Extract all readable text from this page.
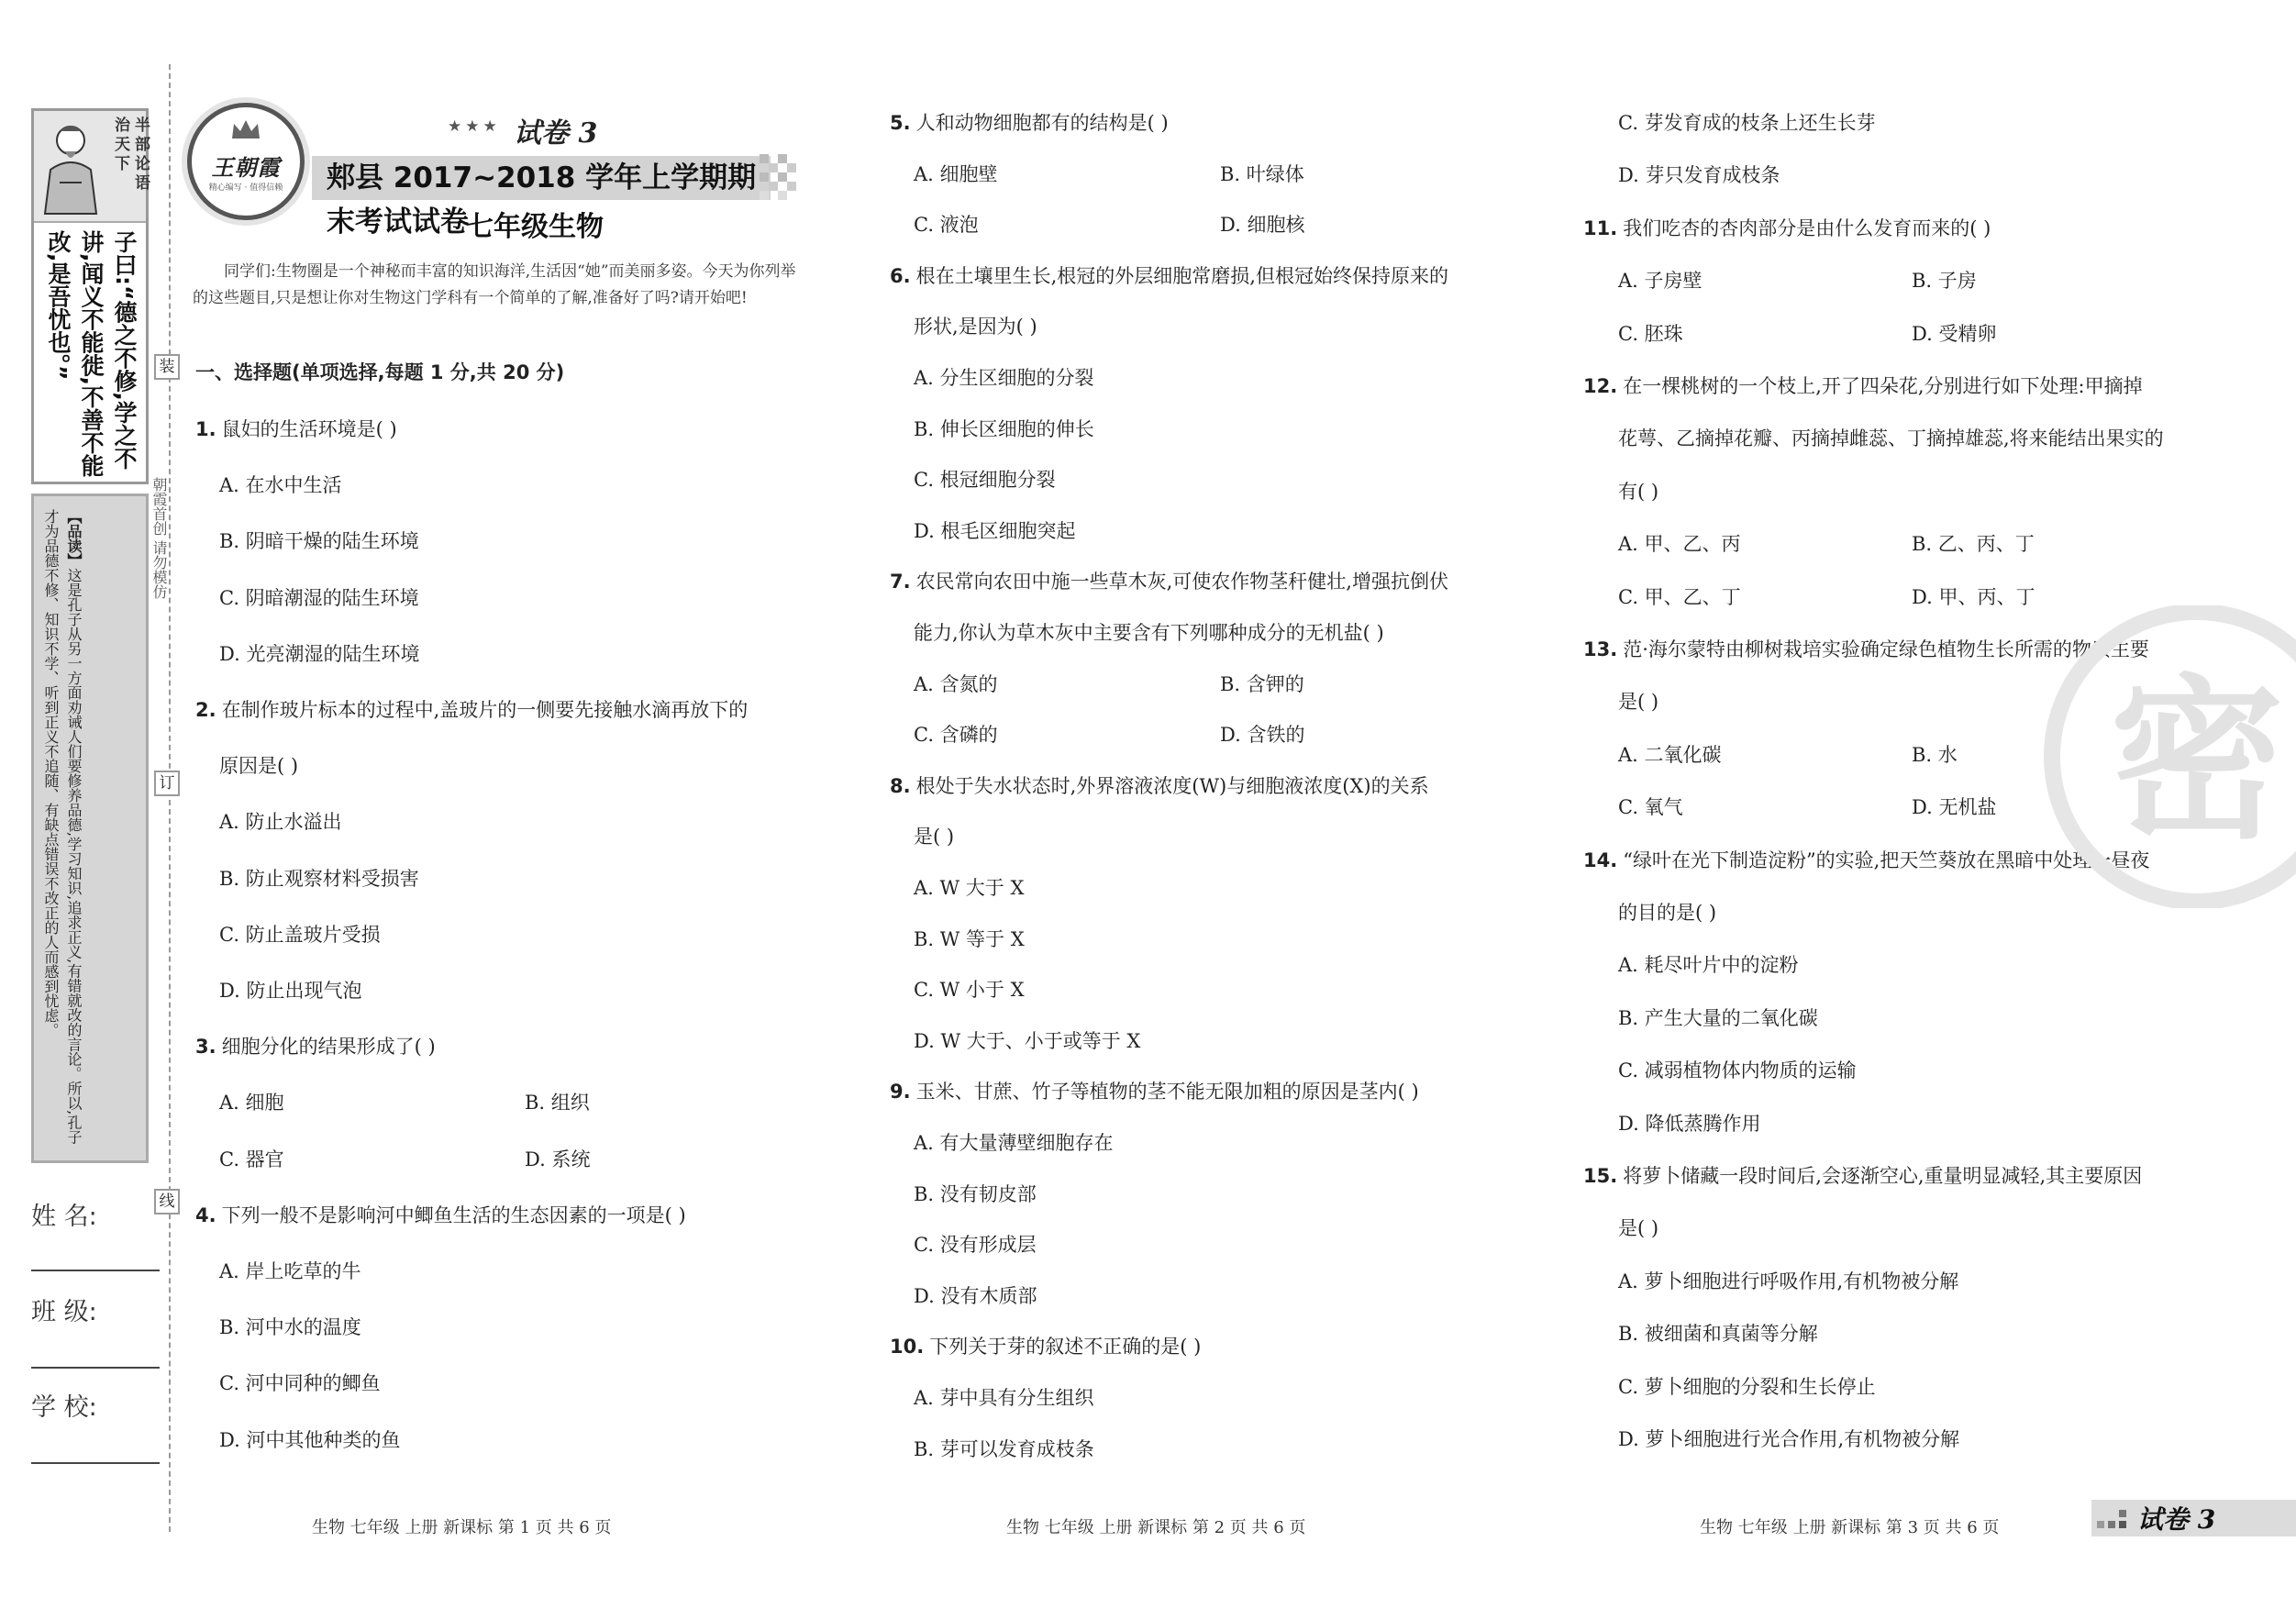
半部论语
治天下
子曰:“德之不修,学之不讲,闻义不能徙,不善不能改,是吾忧也。”
【品读】这是孔子从另一方面劝诫人们要修养品德,学习知识,追求正义,有错就改的言论。所以,孔子才为品德不修、知识不学、听到正义不追随、有缺点错误不改正的人而感到忧虑。
姓 名:
班 级:
学 校:
装
订
线
朝霞首创 请勿模仿
王朝霞
精心编写 · 值得信赖
★★★ 试卷 3
郏县 2017~2018 学年上学期期末考试试卷
七年级生物
同学们:生物圈是一个神秘而丰富的知识海洋,生活因“她”而美丽多姿。今天为你列举的这些题目,只是想让你对生物这门学科有一个简单的了解,准备好了吗?请开始吧!
一、选择题(单项选择,每题 1 分,共 20 分)
1. 鼠妇的生活环境是( )
A. 在水中生活
B. 阴暗干燥的陆生环境
C. 阴暗潮湿的陆生环境
D. 光亮潮湿的陆生环境
2. 在制作玻片标本的过程中,盖玻片的一侧要先接触水滴再放下的
原因是( )
A. 防止水溢出
B. 防止观察材料受损害
C. 防止盖玻片受损
D. 防止出现气泡
3. 细胞分化的结果形成了( )
A. 细胞	B. 组织
C. 器官	D. 系统
4. 下列一般不是影响河中鲫鱼生活的生态因素的一项是( )
A. 岸上吃草的牛
B. 河中水的温度
C. 河中同种的鲫鱼
D. 河中其他种类的鱼
5. 人和动物细胞都有的结构是( )
A. 细胞壁	B. 叶绿体
C. 液泡	D. 细胞核
6. 根在土壤里生长,根冠的外层细胞常磨损,但根冠始终保持原来的
形状,是因为( )
A. 分生区细胞的分裂
B. 伸长区细胞的伸长
C. 根冠细胞分裂
D. 根毛区细胞突起
7. 农民常向农田中施一些草木灰,可使农作物茎秆健壮,增强抗倒伏
能力,你认为草木灰中主要含有下列哪种成分的无机盐( )
A. 含氮的	B. 含钾的
C. 含磷的	D. 含铁的
8. 根处于失水状态时,外界溶液浓度(W)与细胞液浓度(X)的关系
是( )
A. W 大于 X
B. W 等于 X
C. W 小于 X
D. W 大于、小于或等于 X
9. 玉米、甘蔗、竹子等植物的茎不能无限加粗的原因是茎内( )
A. 有大量薄壁细胞存在
B. 没有韧皮部
C. 没有形成层
D. 没有木质部
10. 下列关于芽的叙述不正确的是( )
A. 芽中具有分生组织
B. 芽可以发育成枝条
C. 芽发育成的枝条上还生长芽
D. 芽只发育成枝条
11. 我们吃杏的杏肉部分是由什么发育而来的( )
A. 子房壁	B. 子房
C. 胚珠	D. 受精卵
12. 在一棵桃树的一个枝上,开了四朵花,分别进行如下处理:甲摘掉
花萼、乙摘掉花瓣、丙摘掉雌蕊、丁摘掉雄蕊,将来能结出果实的
有( )
A. 甲、乙、丙	B. 乙、丙、丁
C. 甲、乙、丁	D. 甲、丙、丁
13. 范·海尔蒙特由柳树栽培实验确定绿色植物生长所需的物质主要
是( )
A. 二氧化碳	B. 水
C. 氧气	D. 无机盐
14. “绿叶在光下制造淀粉”的实验,把天竺葵放在黑暗中处理一昼夜
的目的是( )
A. 耗尽叶片中的淀粉
B. 产生大量的二氧化碳
C. 减弱植物体内物质的运输
D. 降低蒸腾作用
15. 将萝卜储藏一段时间后,会逐渐空心,重量明显减轻,其主要原因
是( )
A. 萝卜细胞进行呼吸作用,有机物被分解
B. 被细菌和真菌等分解
C. 萝卜细胞的分裂和生长停止
D. 萝卜细胞进行光合作用,有机物被分解
密
生物 七年级 上册 新课标 第 1 页 共 6 页	生物 七年级 上册 新课标 第 2 页 共 6 页	生物 七年级 上册 新课标 第 3 页 共 6 页	试卷 3
